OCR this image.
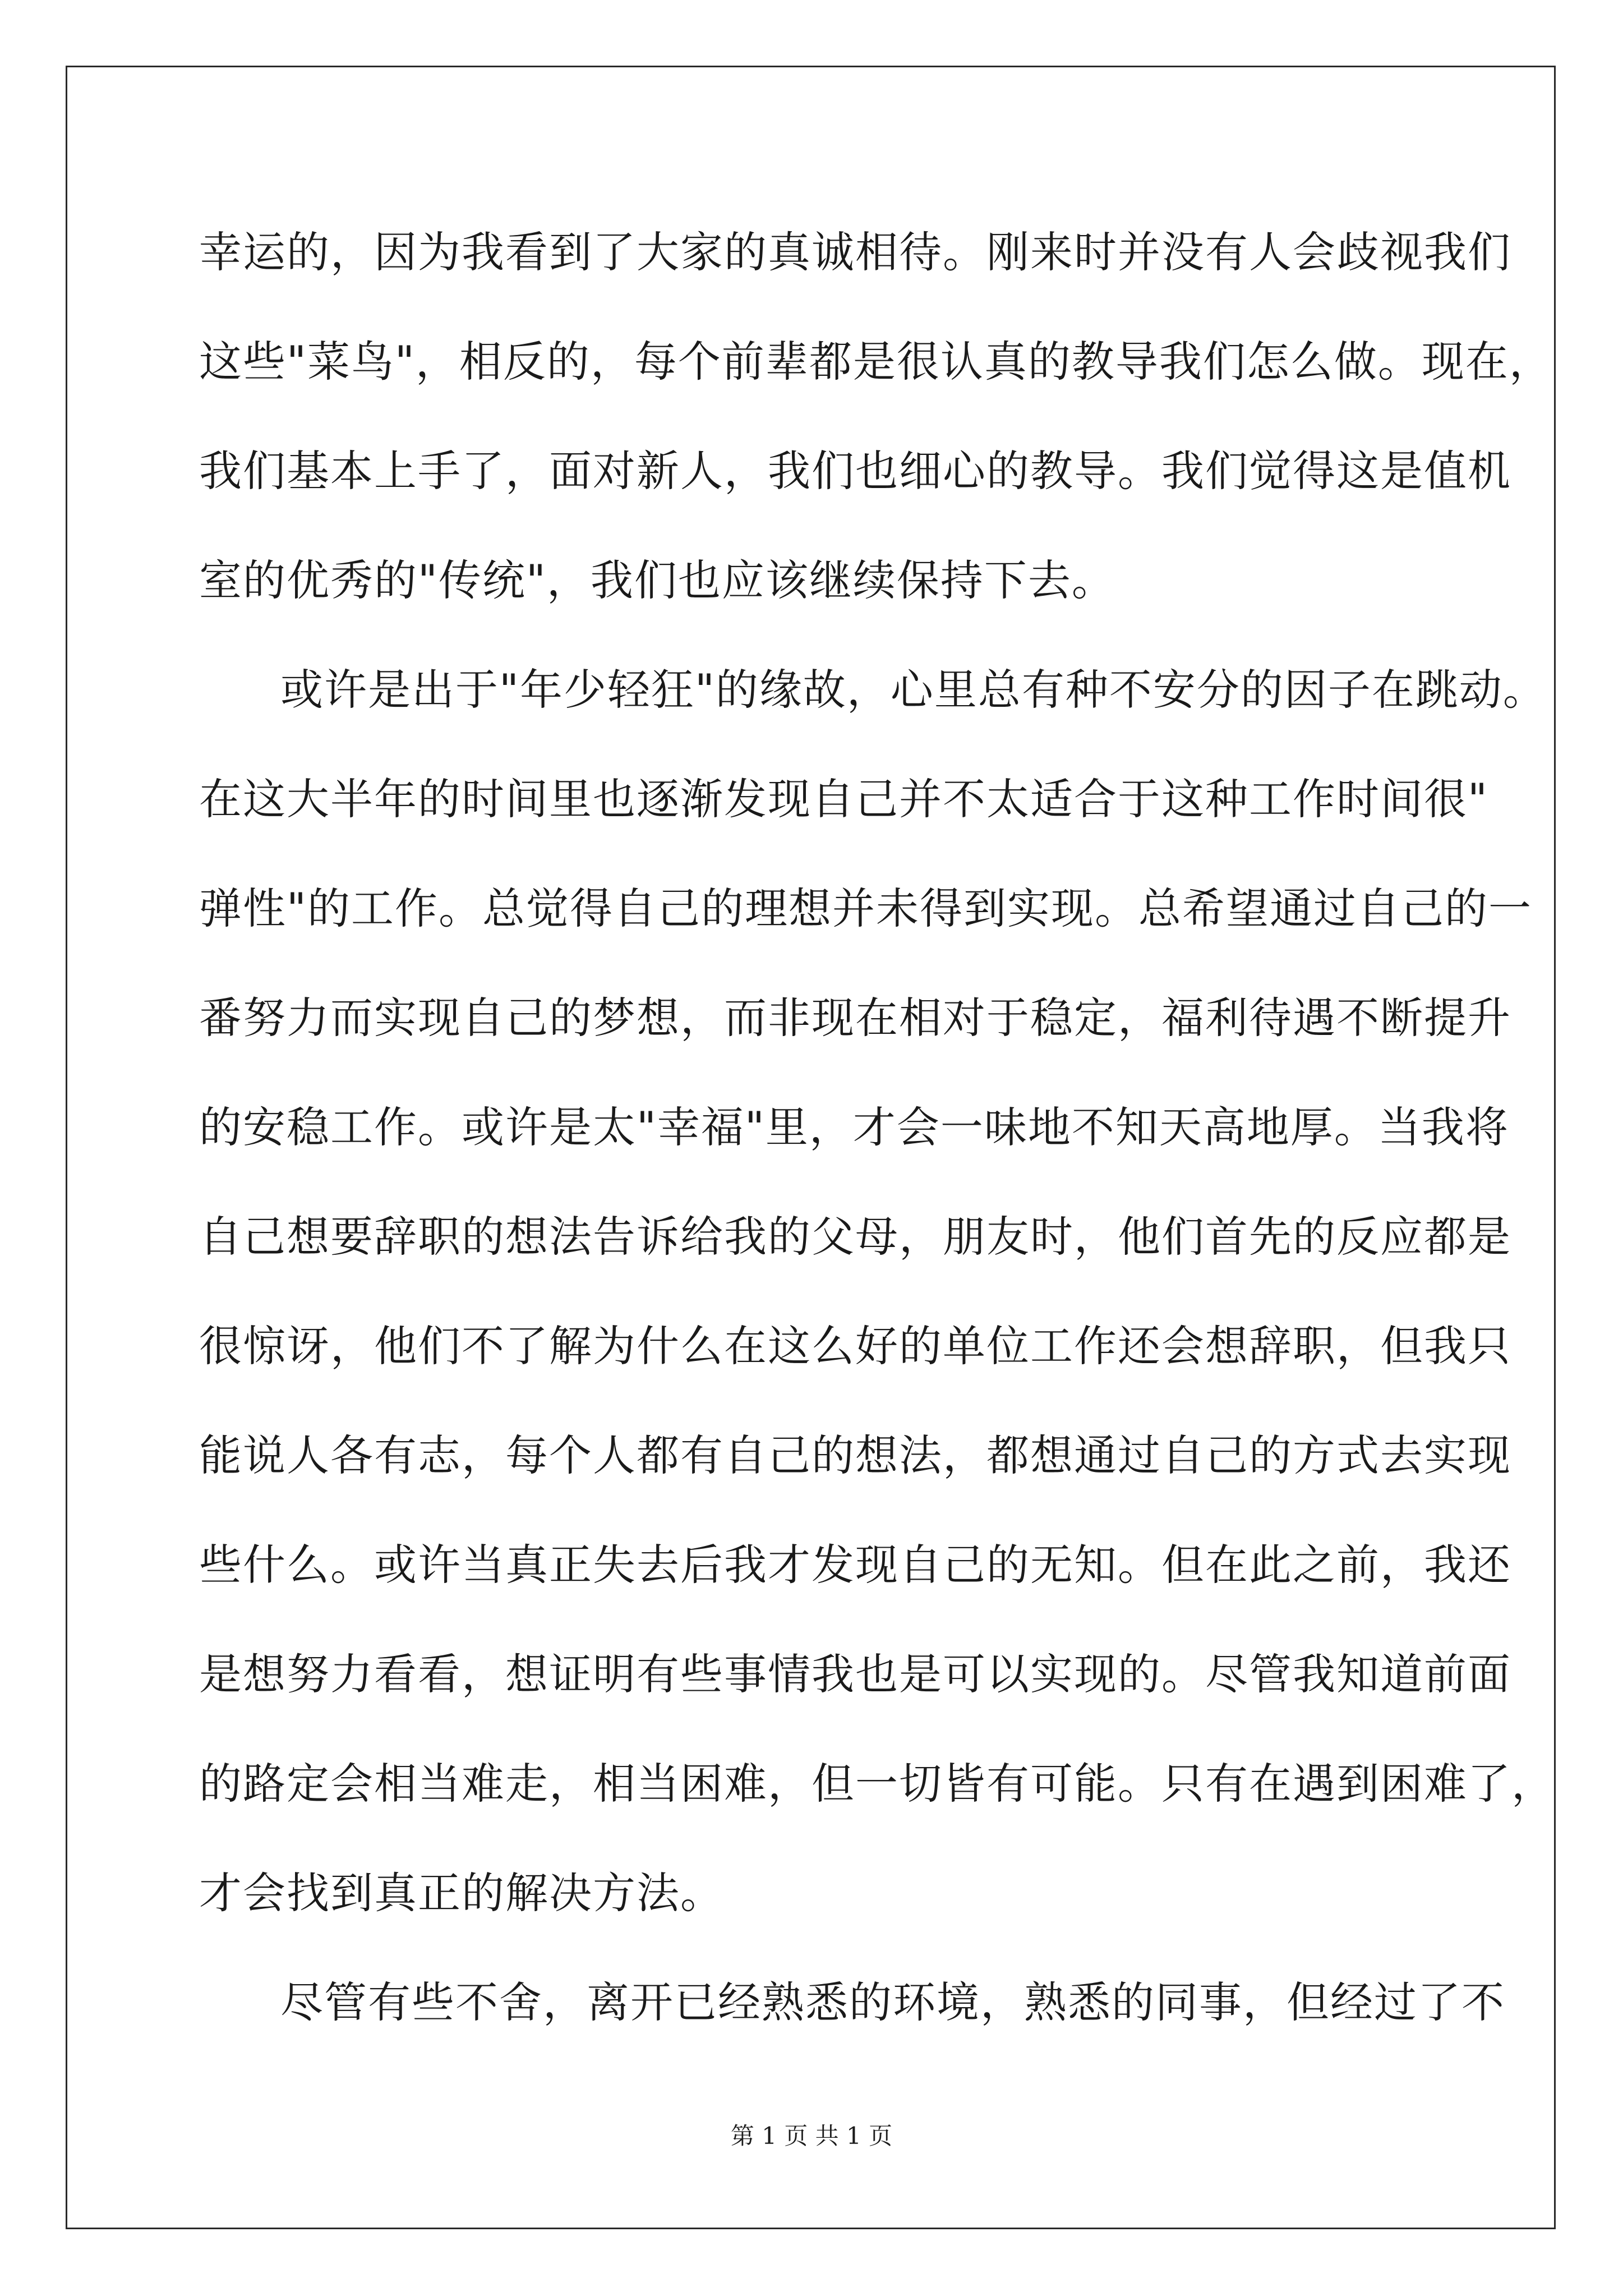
幸运的，因为我看到了大家的真诚相待。刚来时并没有人会歧视我们
这些"菜鸟"，相反的，每个前辈都是很认真的教导我们怎么做。现在，
我们基本上手了，面对新人，我们也细心的教导。我们觉得这是值机
室的优秀的"传统"，我们也应该继续保持下去。
或许是出于"年少轻狂"的缘故，心里总有种不安分的因子在跳动。
在这大半年的时间里也逐渐发现自己并不太适合于这种工作时间很"
弹性"的工作。总觉得自己的理想并未得到实现。总希望通过自己的一
番努力而实现自己的梦想，而非现在相对于稳定，福利待遇不断提升
的安稳工作。或许是太"幸福"里，才会一味地不知天高地厚。当我将
自己想要辞职的想法告诉给我的父母，朋友时，他们首先的反应都是
很惊讶，他们不了解为什么在这么好的单位工作还会想辞职，但我只
能说人各有志，每个人都有自己的想法，都想通过自己的方式去实现
些什么。或许当真正失去后我才发现自己的无知。但在此之前，我还
是想努力看看，想证明有些事情我也是可以实现的。尽管我知道前面
的路定会相当难走，相当困难，但一切皆有可能。只有在遇到困难了，
才会找到真正的解决方法。
尽管有些不舍，离开已经熟悉的环境，熟悉的同事，但经过了不
第 1 页 共 1 页
